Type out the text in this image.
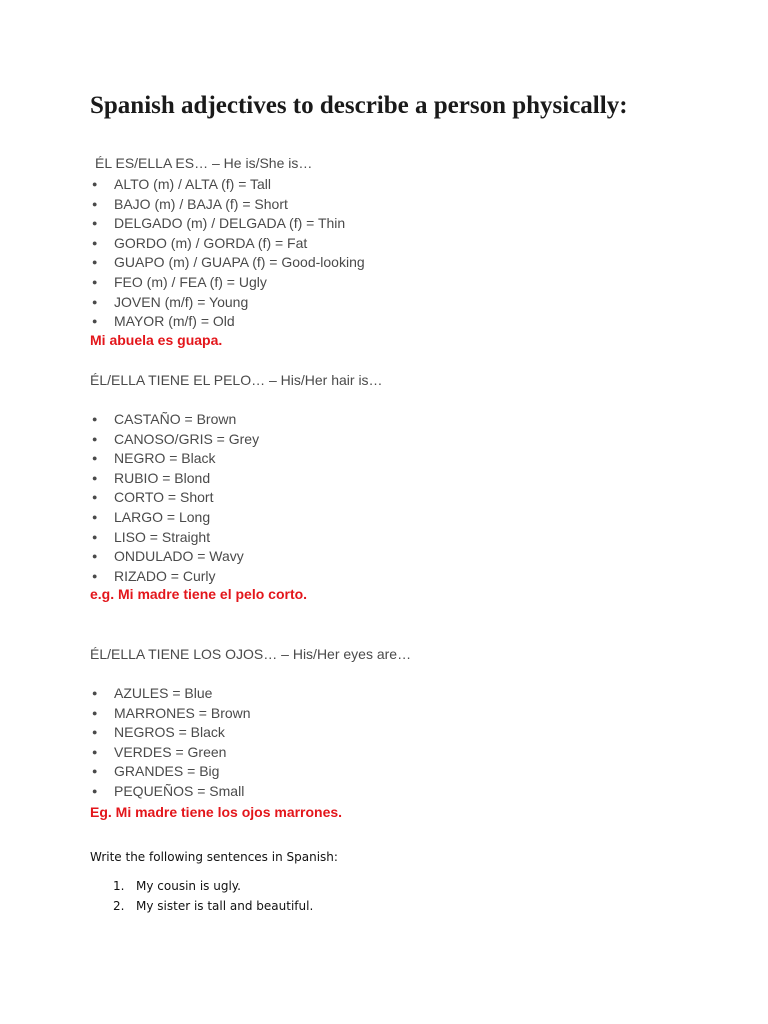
Spanish adjectives to describe a person physically:
ÉL ES/ELLA ES… – He is/She is…
● ALTO (m) / ALTA (f) = Tall
● BAJO (m) / BAJA (f) = Short
● DELGADO (m) / DELGADA (f) = Thin
● GORDO (m) / GORDA (f) = Fat
● GUAPO (m) / GUAPA (f) = Good-looking
● FEO (m) / FEA (f) = Ugly
● JOVEN (m/f) = Young
● MAYOR (m/f) = Old
Mi abuela es guapa.
ÉL/ELLA TIENE EL PELO… – His/Her hair is…
● CASTAÑO = Brown
● CANOSO/GRIS = Grey
● NEGRO = Black
● RUBIO = Blond
● CORTO = Short
● LARGO = Long
● LISO = Straight
● ONDULADO = Wavy
● RIZADO = Curly
e.g. Mi madre tiene el pelo corto.
ÉL/ELLA TIENE LOS OJOS… – His/Her eyes are…
● AZULES = Blue
● MARRONES = Brown
● NEGROS = Black
● VERDES = Green
● GRANDES = Big
● PEQUEÑOS = Small
Eg. Mi madre tiene los ojos marrones.
Write the following sentences in Spanish:
1. My cousin is ugly.
2. My sister is tall and beautiful.
